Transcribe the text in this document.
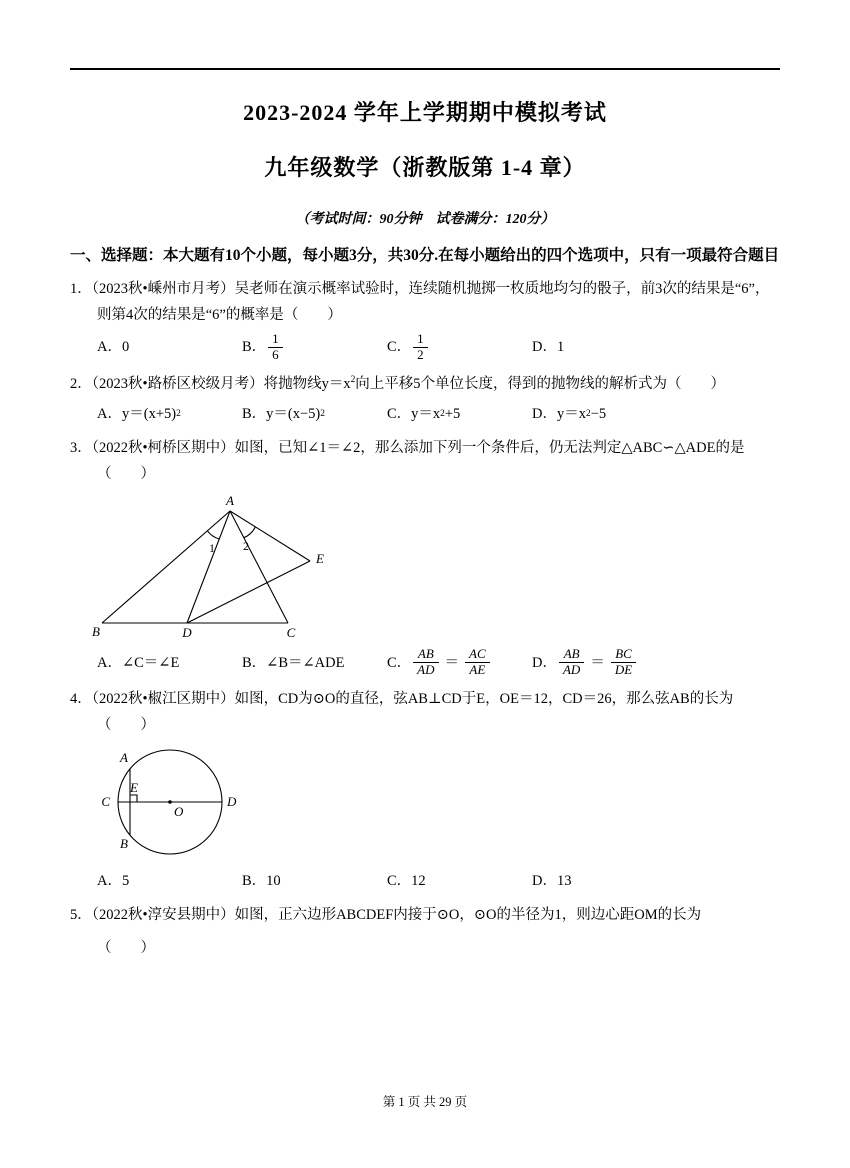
2023-2024 学年上学期期中模拟考试
九年级数学（浙教版第 1-4 章）

（考试时间：90分钟　试卷满分：120分）

一、选择题：本大题有10个小题，每小题3分，共30分.在每小题给出的四个选项中，只有一项最符合题目

1．（2023秋•嵊州市月考）吴老师在演示概率试验时，连续随机抛掷一枚质地均匀的骰子，前3次的结果是“6”，则第4次的结果是“6”的概率是（　　）

A． 0	B． $\frac{1}{6}$	C． $\frac{1}{2}$	D． 1

2．（2023秋•路桥区校级月考）将抛物线$y=x^2$向上平移5个单位长度，得到的抛物线的解析式为（　　）

A． y＝(x+5) 2	B． y＝(x−5) 2	C． y＝x 2 +5	D． y＝x 2 −5

3．（2022秋•柯桥区期中）如图，已知∠1＝∠2，那么添加下列一个条件后，仍无法判定△ABC∽△ADE的是（　　）

A
B	D	C
E
1 2
A． ∠C＝∠E	B． ∠B＝∠ADE	C． $\frac{AB}{AD} = \frac{AC}{AE}$	D． $\frac{AB}{AD} = \frac{BC}{DE}$

4．（2022秋•椒江区期中）如图，CD为⊙O的直径，弦AB⊥CD于E，OE＝12，CD＝26，那么弦AB的长为（　　）

A
B
C	D
E
O
A． 5	B． 10	C． 12	D． 13

5．（2022秋•淳安县期中）如图，正六边形ABCDEF内接于⊙O，⊙O的半径为1，则边心距OM的长为

（　　）

第 1 页 共 29 页
